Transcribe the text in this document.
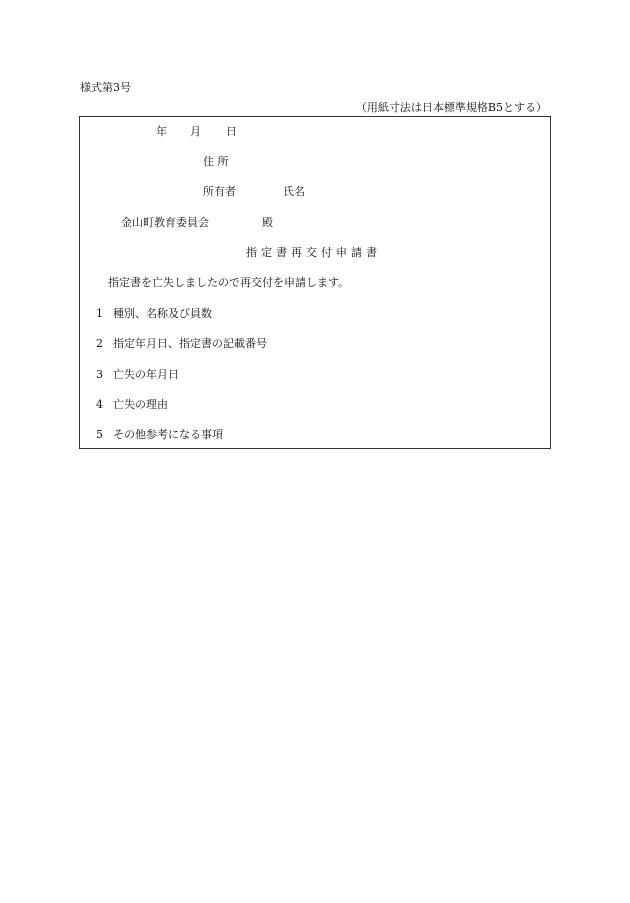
様式第3号
（用紙寸法は日本標準規格B5とする）
年 月 日
住 所
所有者	氏名
金山町教育委員会	殿
指定書再交付申請書
指定書を亡失しましたので再交付を申請します。
1 種別、名称及び員数
2 指定年月日、指定書の記載番号
3 亡失の年月日
4 亡失の理由
5 その他参考になる事項
